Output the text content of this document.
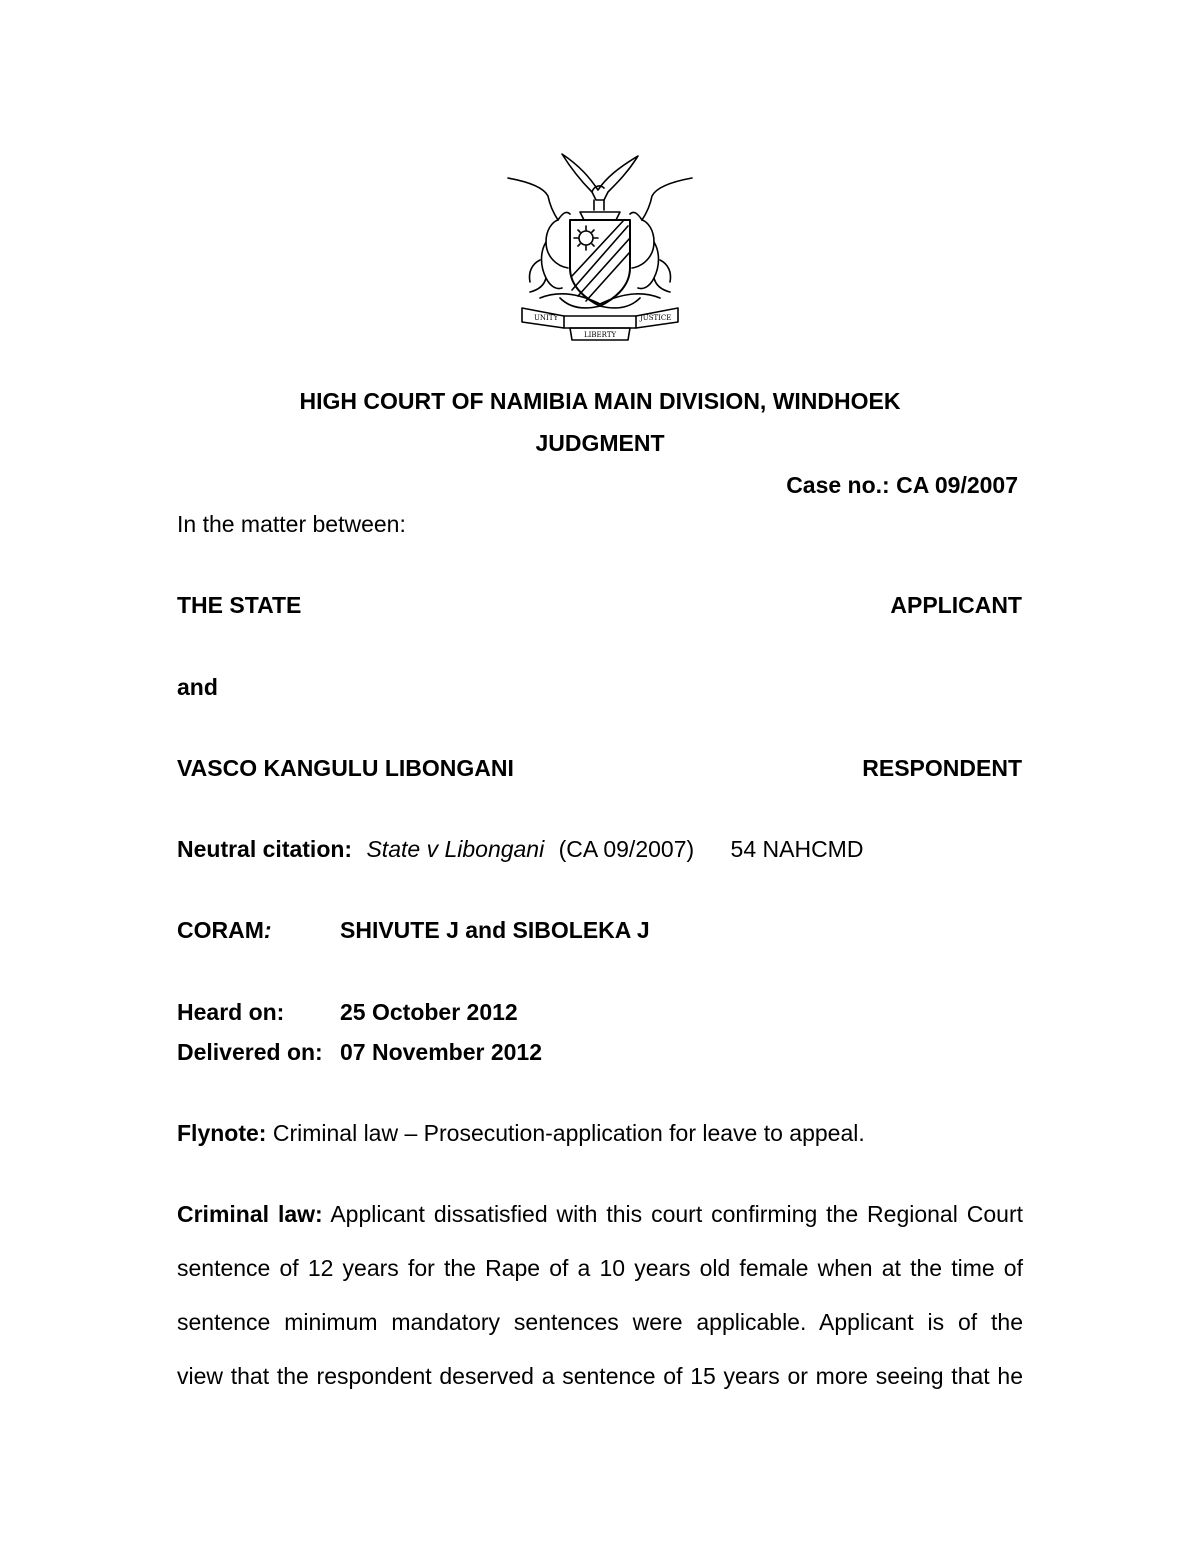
UNITY	JUSTICE
LIBERTY
HIGH COURT OF NAMIBIA MAIN DIVISION, WINDHOEK
JUDGMENT
Case no.: CA 09/2007
In the matter between:
THE STATE	APPLICANT
and
VASCO KANGULU LIBONGANI	RESPONDENT
Neutral citation: State v Libongani (CA 09/2007) 54 NAHCMD
CORAM:	SHIVUTE J and SIBOLEKA J
Heard on: 25 October 2012
Delivered on: 07 November 2012
Flynote: Criminal law – Prosecution-application for leave to appeal.
Criminal law: Applicant dissatisfied with this court confirming the Regional Court
sentence of 12 years for the Rape of a 10 years old female when at the time of
sentence minimum mandatory sentences were applicable. Applicant is of the
view that the respondent deserved a sentence of 15 years or more seeing that he
